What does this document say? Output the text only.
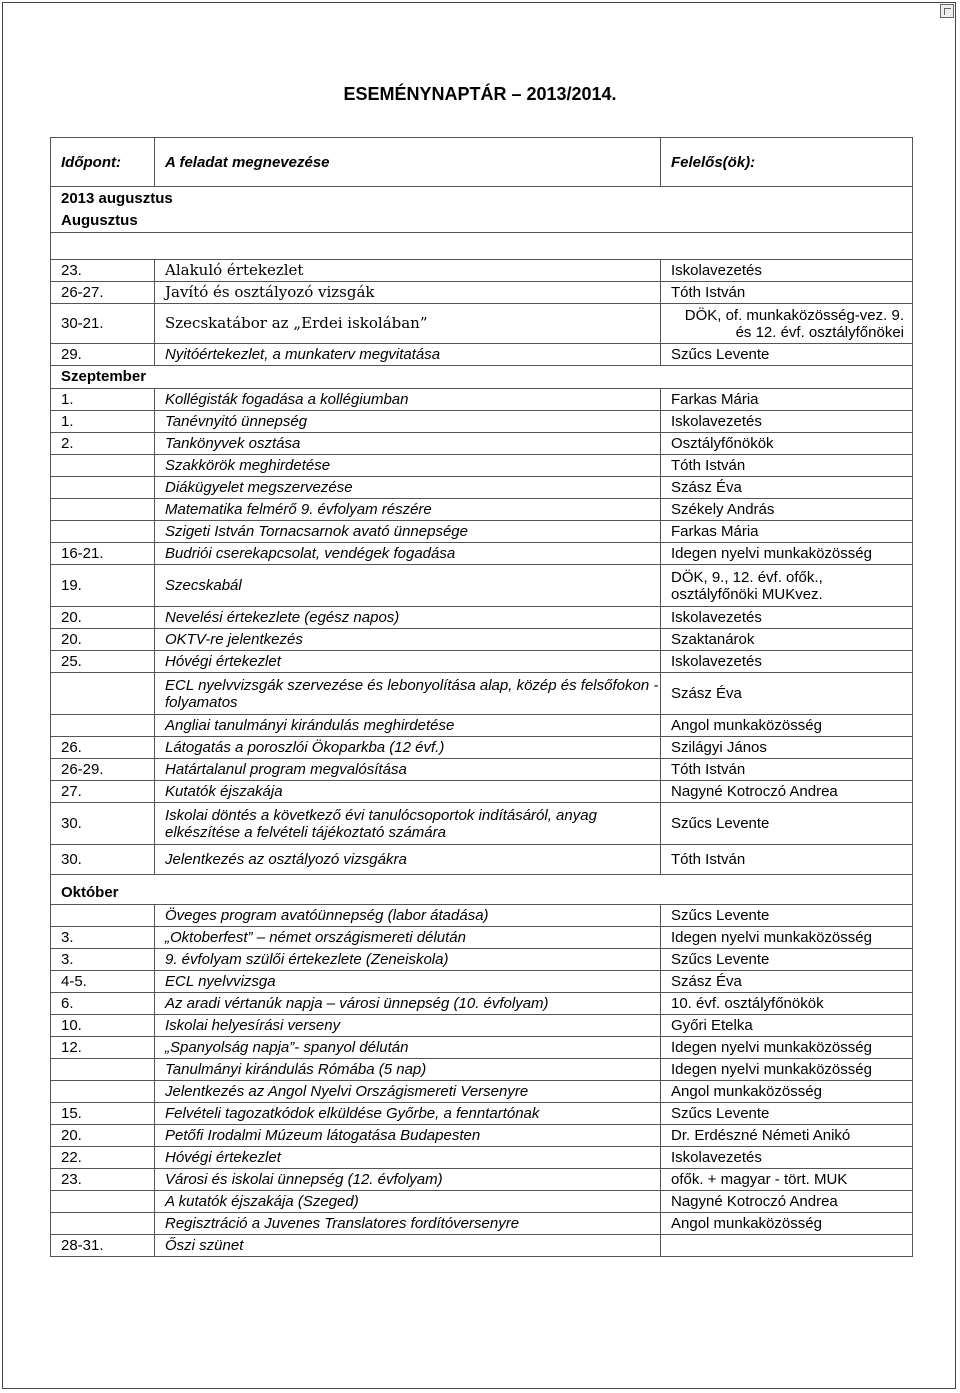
ESEMÉNYNAPTÁR – 2013/2014.
Időpont:	A feladat megnevezése	Felelős(ök):

2013 augusztus
Augusztus		

23.	Alakuló értekezlet	Iskolavezetés
26-27.	Javító és osztályozó vizsgák	Tóth István
30-21.	Szecskatábor az „Erdei iskolában”	DÖK, of. munkaközösség-vez. 9. és 12. évf. osztályfőnökei
29.	Nyitóértekezlet, a munkaterv megvitatása	Szűcs Levente

Szeptember		

1.	Kollégisták fogadása a kollégiumban	Farkas Mária
1.	Tanévnyitó ünnepség	Iskolavezetés
2.	Tankönyvek osztása	Osztályfőnökök
	Szakkörök meghirdetése	Tóth István
	Diákügyelet megszervezése	Szász Éva
	Matematika felmérő 9. évfolyam részére	Székely András
	Szigeti István Tornacsarnok avató ünnepsége	Farkas Mária
16-21.	Budriói cserekapcsolat, vendégek fogadása	Idegen nyelvi munkaközösség
19.	Szecskabál	DÖK, 9., 12. évf. ofők., osztályfőnöki MUKvez.
20.	Nevelési értekezlete (egész napos)	Iskolavezetés
20.	OKTV-re jelentkezés	Szaktanárok
25.	Hóvégi értekezlet	Iskolavezetés
	ECL nyelvvizsgák szervezése és lebonyolítása alap, közép és felsőfokon - folyamatos	Szász Éva
	Angliai tanulmányi kirándulás meghirdetése	Angol munkaközösség
26.	Látogatás a poroszlói Ökoparkba (12 évf.)	Szilágyi János
26-29.	Határtalanul program megvalósítása	Tóth István
27.	Kutatók éjszakája	Nagyné Kotroczó Andrea
30.	Iskolai döntés a következő évi tanulócsoportok indításáról, anyag elkészítése a felvételi tájékoztató számára	Szűcs Levente
30.	Jelentkezés az osztályozó vizsgákra	Tóth István

Október		

	Öveges program avatóünnepség (labor átadása)	Szűcs Levente
3.	„Oktoberfest” – német országismereti délután	Idegen nyelvi munkaközösség
3.	9. évfolyam szülői értekezlete (Zeneiskola)	Szűcs Levente
4-5.	ECL nyelvvizsga	Szász Éva
6.	Az aradi vértanúk napja – városi ünnepség (10. évfolyam)	10. évf. osztályfőnökök
10.	Iskolai helyesírási verseny	Győri Etelka
12.	„Spanyolság napja”- spanyol délután	Idegen nyelvi munkaközösség
	Tanulmányi kirándulás Rómába (5 nap)	Idegen nyelvi munkaközösség
	Jelentkezés az Angol Nyelvi Országismereti Versenyre	Angol munkaközösség
15.	Felvételi tagozatkódok elküldése Győrbe, a fenntartónak	Szűcs Levente
20.	Petőfi Irodalmi Múzeum látogatása Budapesten	Dr. Erdészné Németi Anikó
22.	Hóvégi értekezlet	Iskolavezetés
23.	Városi és iskolai ünnepség (12. évfolyam)	ofők. + magyar - tört. MUK
	A kutatók éjszakája (Szeged)	Nagyné Kotroczó Andrea
	Regisztráció a Juvenes Translatores fordítóversenyre	Angol munkaközösség
28-31.	Őszi szünet	
